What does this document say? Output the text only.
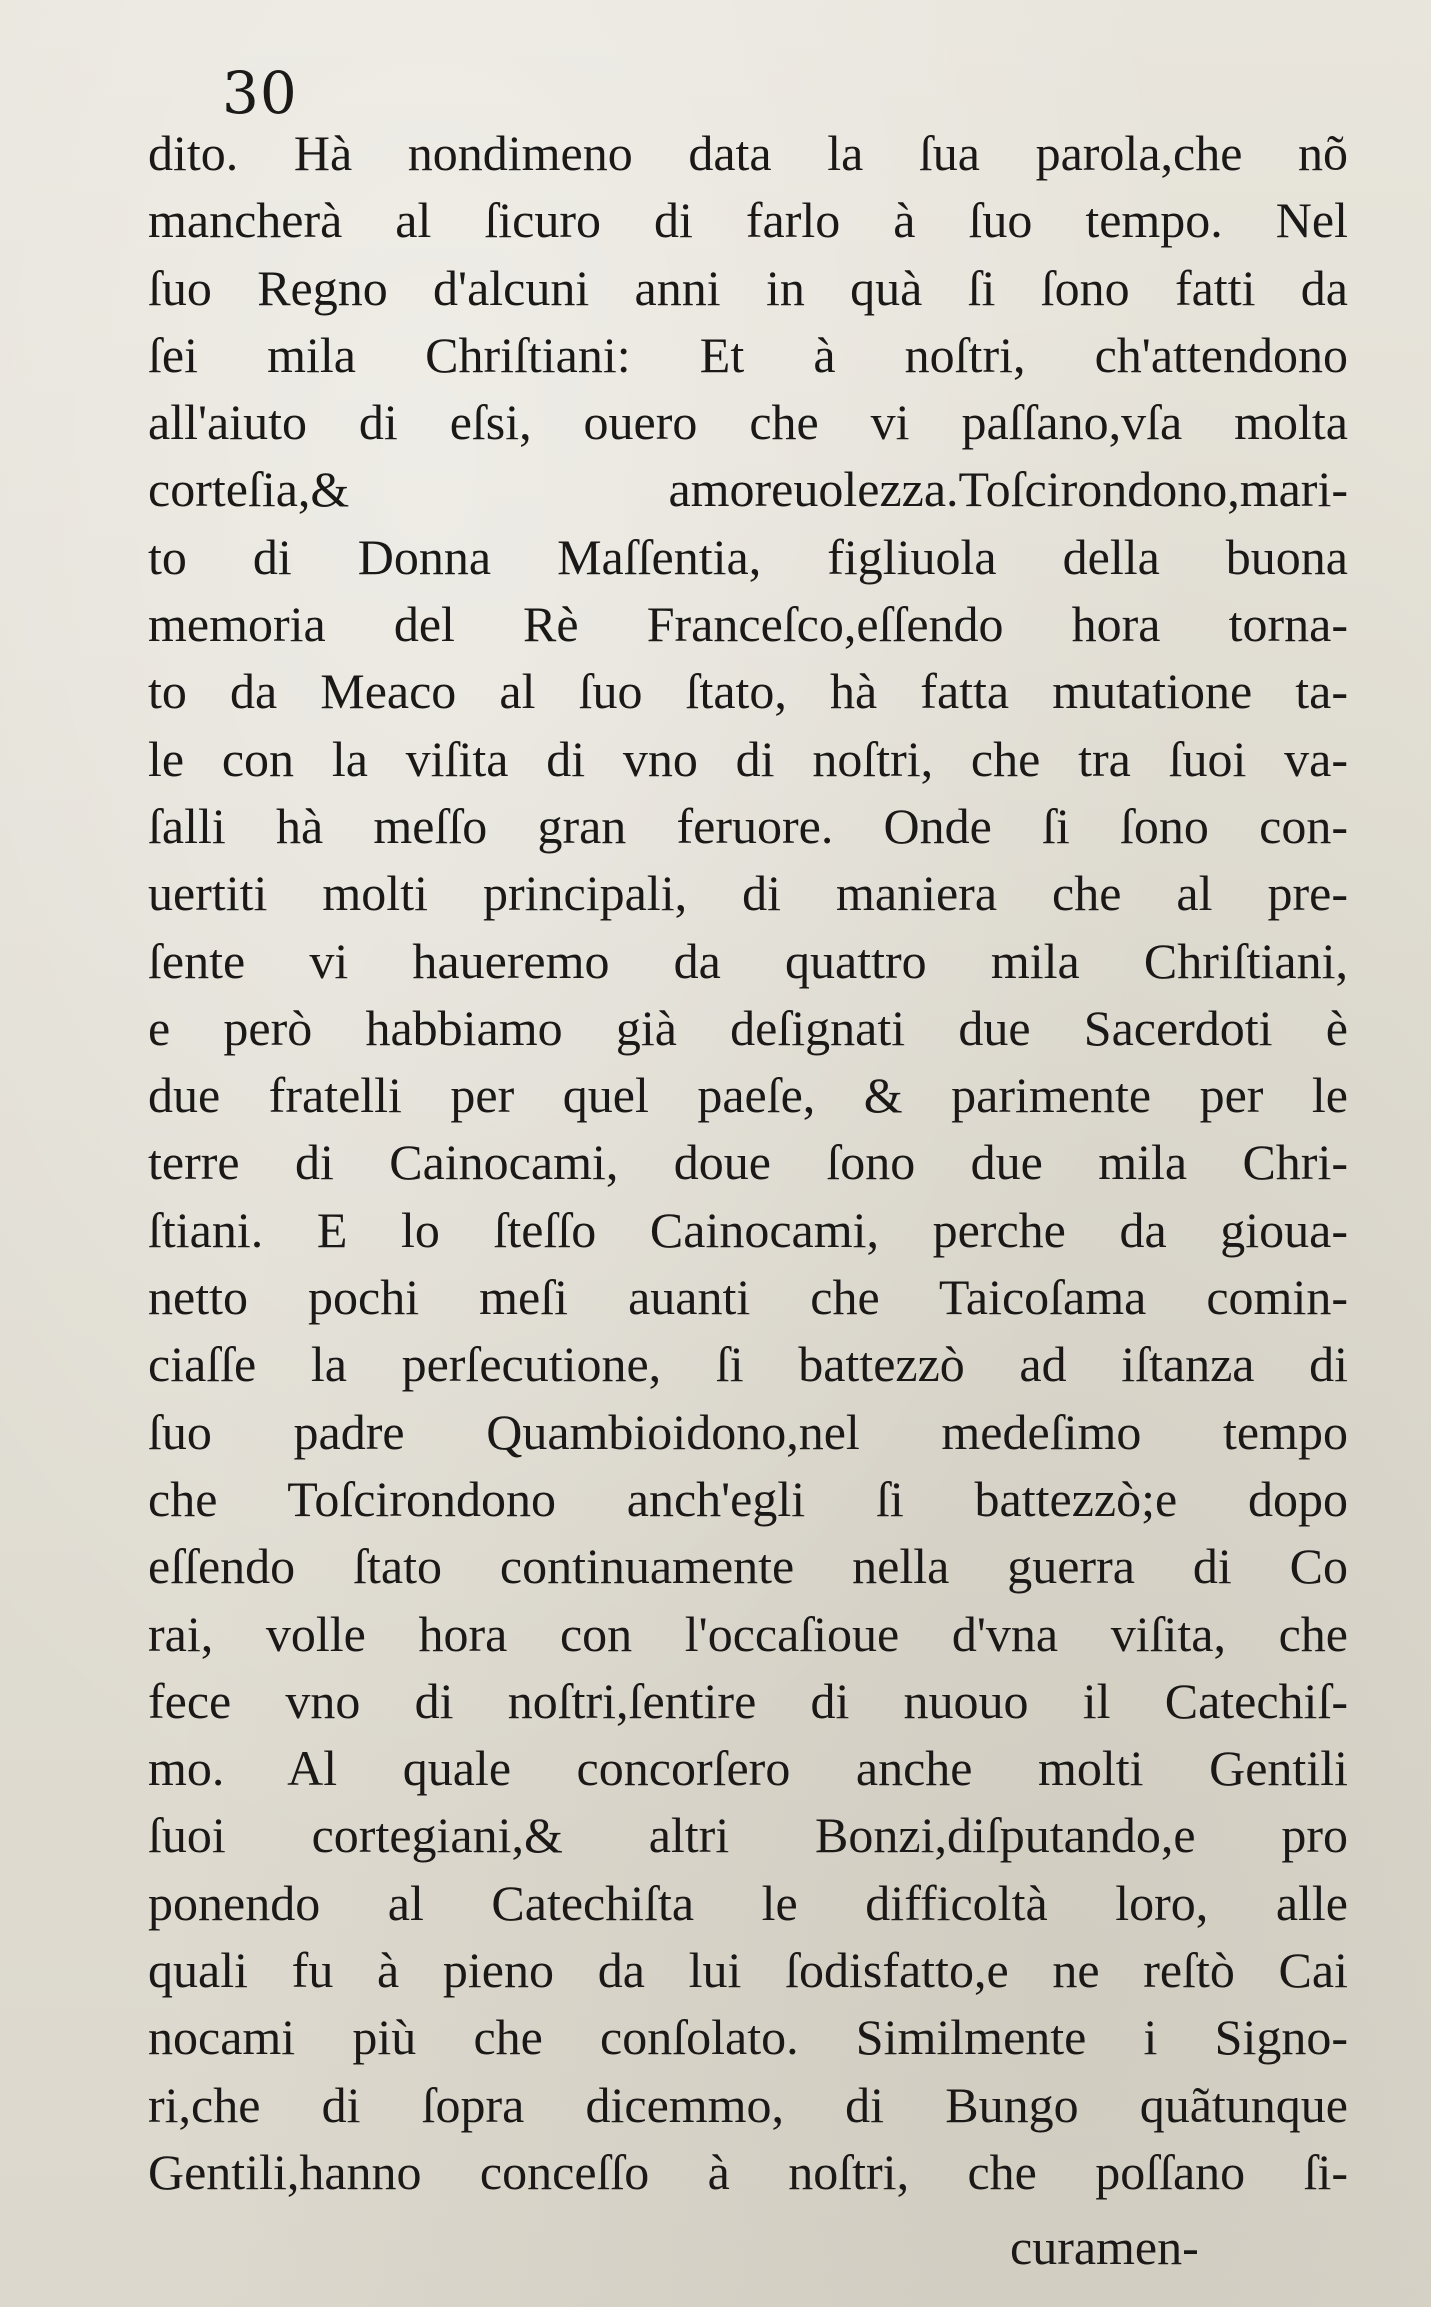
30
dito. Hà nondimeno data la ſua parola,che nõ
mancherà al ſicuro di farlo à ſuo tempo. Nel
ſuo Regno d'alcuni anni in quà ſi ſono fatti da
ſei mila Chriſtiani: Et à noſtri, ch'attendono
all'aiuto di eſsi, ouero che vi paſſano,vſa molta
corteſia,& amoreuolezza.Toſcirondono,mari-
to di Donna Maſſentia, figliuola della buona
memoria del Rè Franceſco,eſſendo hora torna-
to da Meaco al ſuo ſtato, hà fatta mutatione ta-
le con la viſita di vno di noſtri, che tra ſuoi va-
ſalli hà meſſo gran feruore. Onde ſi ſono con-
uertiti molti principali, di maniera che al pre-
ſente vi haueremo da quattro mila Chriſtiani,
e però habbiamo già deſignati due Sacerdoti è
due fratelli per quel paeſe, & parimente per le
terre di Cainocami, doue ſono due mila Chri-
ſtiani. E lo ſteſſo Cainocami, perche da gioua-
netto pochi meſi auanti che Taicoſama comin-
ciaſſe la perſecutione, ſi battezzò ad iſtanza di
ſuo padre Quambioidono,nel medeſimo tempo
che Toſcirondono anch'egli ſi battezzò;e dopo
eſſendo ſtato continuamente nella guerra di Co
rai, volle hora con l'occaſioue d'vna viſita, che
fece vno di noſtri,ſentire di nuouo il Catechiſ-
mo. Al quale concorſero anche molti Gentili
ſuoi cortegiani,& altri Bonzi,diſputando,e pro
ponendo al Catechiſta le difficoltà loro, alle
quali fu à pieno da lui ſodisfatto,e ne reſtò Cai
nocami più che conſolato. Similmente i Signo-
ri,che di ſopra dicemmo, di Bungo quãtunque
Gentili,hanno conceſſo à noſtri, che poſſano ſi-
curamen-
